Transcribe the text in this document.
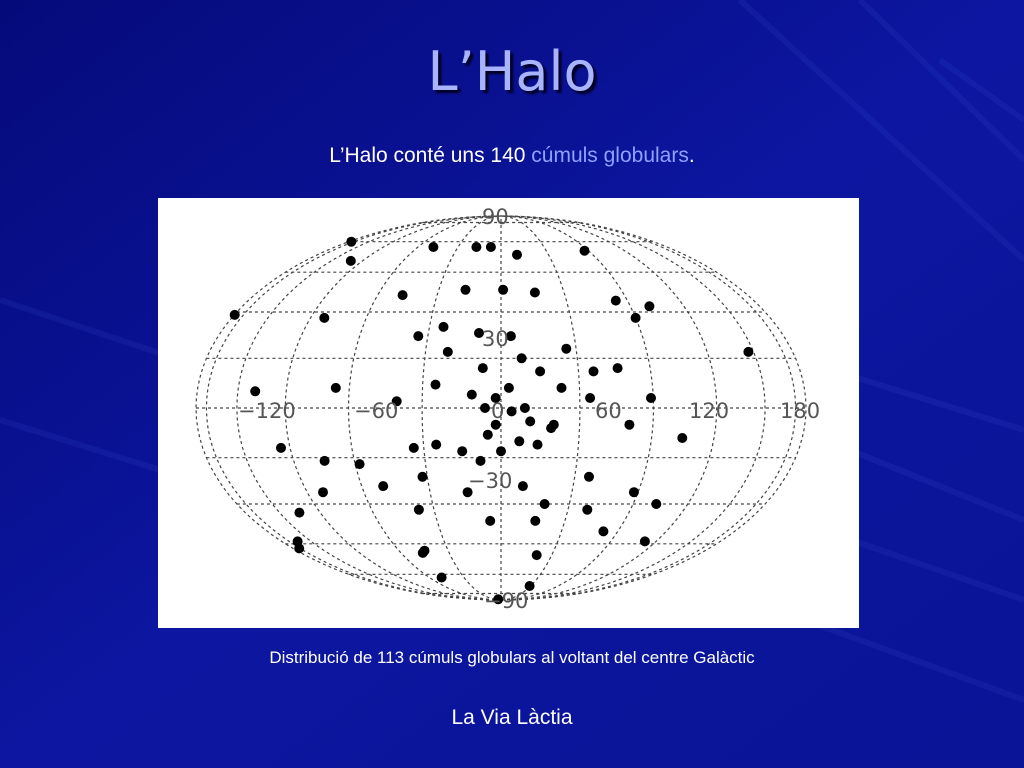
L’Halo
L’Halo conté uns 140 cúmuls globulars.
90
30
−120	−60	0	60	120 180
−30
−90
Distribució de 113 cúmuls globulars al voltant del centre Galàctic
La Via Làctia
